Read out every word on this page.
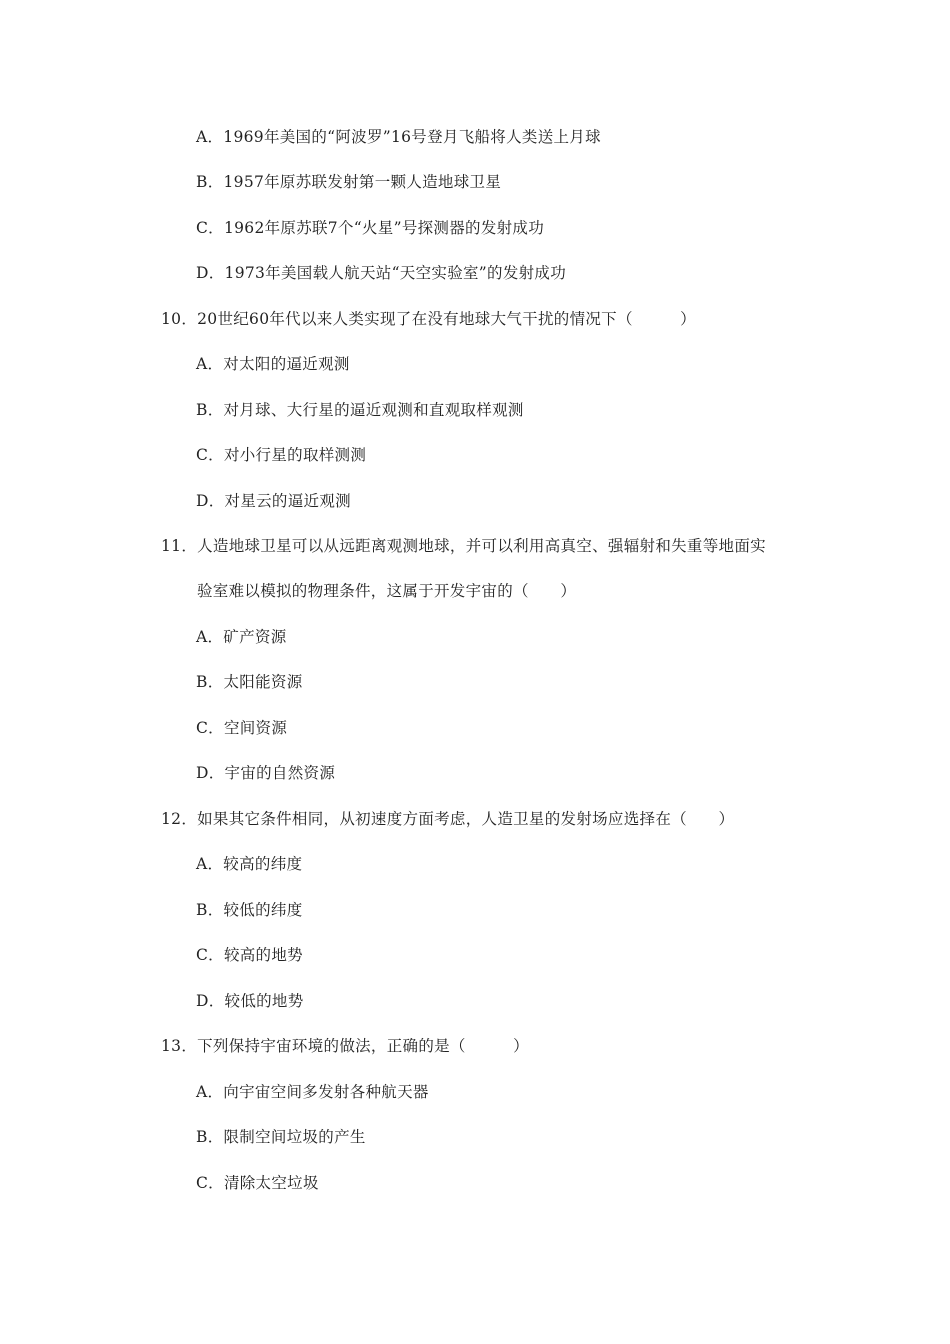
A．1969年美国的“阿波罗”16号登月飞船将人类送上月球
B．1957年原苏联发射第一颗人造地球卫星
C．1962年原苏联7个“火星”号探测器的发射成功
D．1973年美国载人航天站“天空实验室”的发射成功
10．20世纪60年代以来人类实现了在没有地球大气干扰的情况下（　　　）
A．对太阳的逼近观测
B．对月球、大行星的逼近观测和直观取样观测
C．对小行星的取样测测
D．对星云的逼近观测
11．人造地球卫星可以从远距离观测地球，并可以利用高真空、强辐射和失重等地面实
验室难以模拟的物理条件，这属于开发宇宙的（　　）
A．矿产资源
B．太阳能资源
C．空间资源
D．宇宙的自然资源
12．如果其它条件相同，从初速度方面考虑，人造卫星的发射场应选择在（　　）
A．较高的纬度
B．较低的纬度
C．较高的地势
D．较低的地势
13．下列保持宇宙环境的做法，正确的是（　　　）
A．向宇宙空间多发射各种航天器
B．限制空间垃圾的产生
C．清除太空垃圾
